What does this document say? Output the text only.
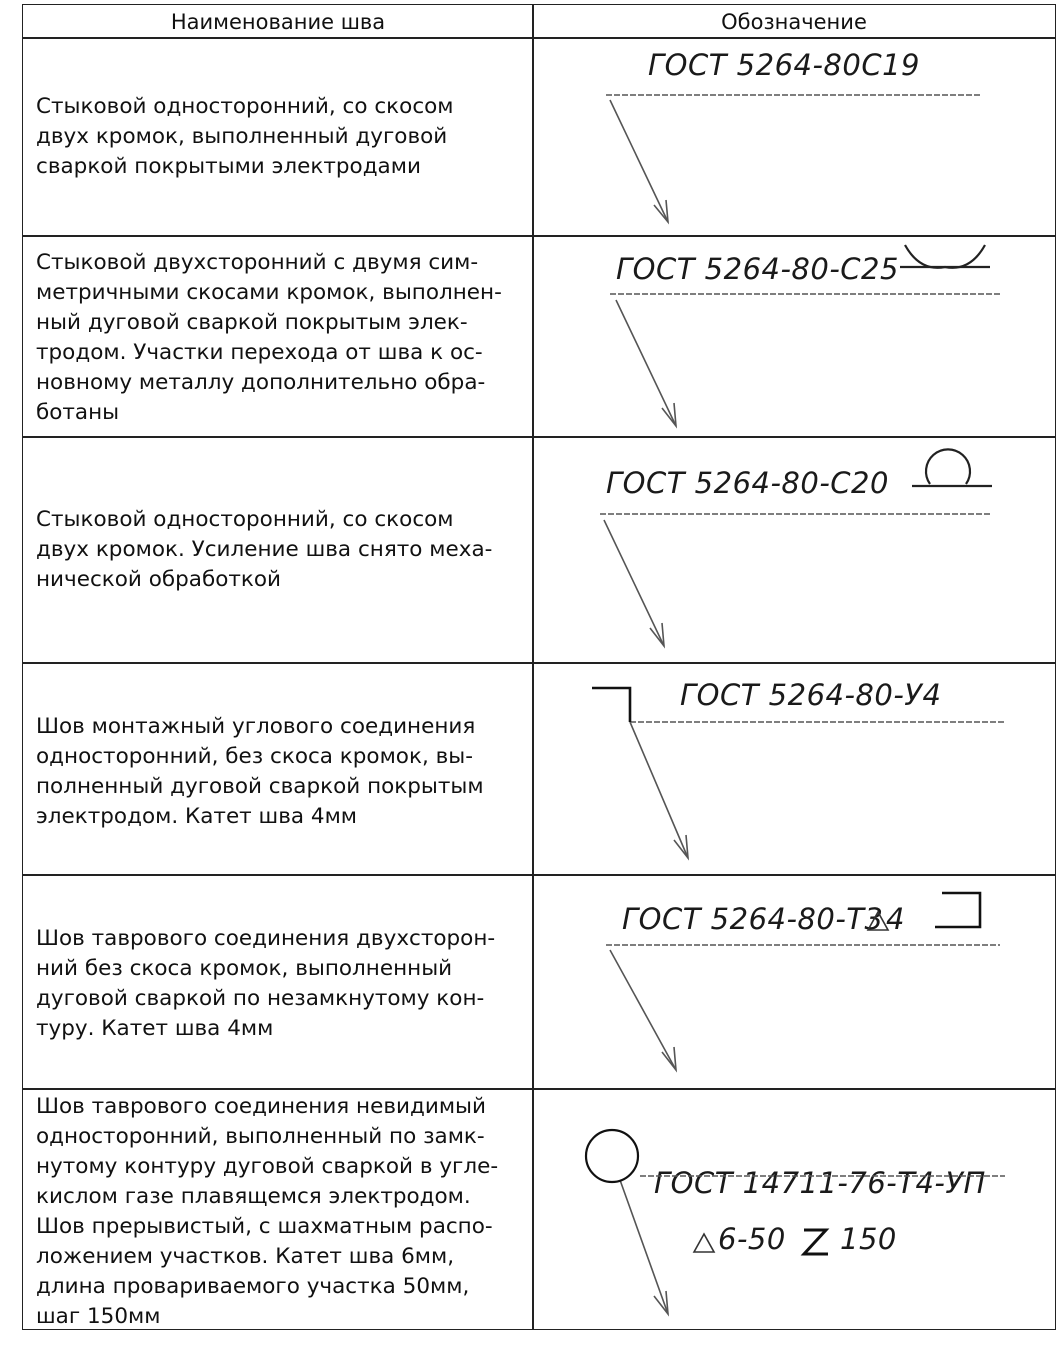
Наименование шва	Обозначение
Стыковой односторонний, со скосом
двух кромок, выполненный дуговой
сваркой покрытыми электродами
Стыковой двухсторонний с двумя сим-
метричными скосами кромок, выполнен-
ный дуговой сваркой покрытым элек-
тродом. Участки перехода от шва к ос-
новному металлу дополнительно обра-
ботаны
Стыковой односторонний, со скосом
двух кромок. Усиление шва снято меха-
нической обработкой
Шов монтажный углового соединения
односторонний, без скоса кромок, вы-
полненный дуговой сваркой покрытым
электродом. Катет шва 4мм
Шов таврового соединения двухсторон-
ний без скоса кромок, выполненный
дуговой сваркой по незамкнутому кон-
туру. Катет шва 4мм
Шов таврового соединения невидимый
односторонний, выполненный по замк-
нутому контуру дуговой сваркой в угле-
кислом газе плавящемся электродом.
Шов прерывистый, с шахматным распо-
ложением участков. Катет шва 6мм,
длина провариваемого участка 50мм,
шаг 150мм
ГОСТ 5264-80С19
ГОСТ 5264-80-С25
ГОСТ 5264-80-С20
ГОСТ 5264-80-У4
ГОСТ 5264-80-Т3 4
ГОСТ 14711-76-Т4-УП
6-50 150
